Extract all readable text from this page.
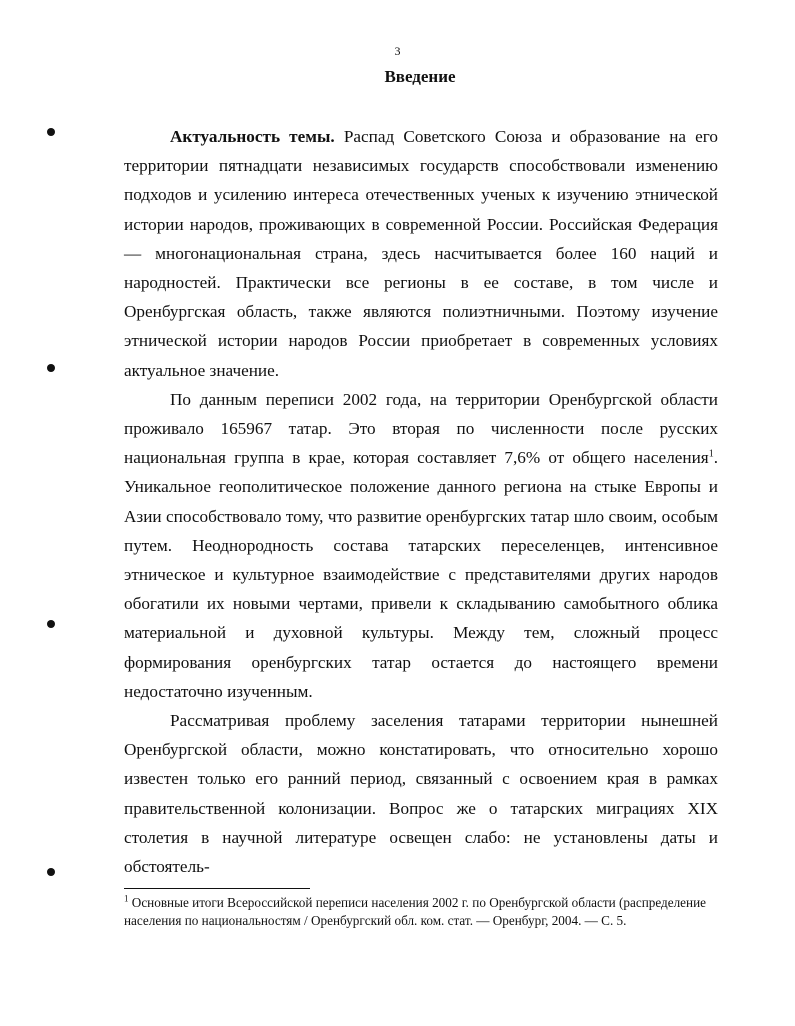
3
Введение

Актуальность темы. Распад Советского Союза и образование на его территории пятнадцати независимых государств способствовали изменению подходов и усилению интереса отечественных ученых к изучению этнической истории народов, проживающих в современной России. Российская Федерация — многонациональная страна, здесь насчитывается более 160 наций и народностей. Практически все регионы в ее составе, в том числе и Оренбургская область, также являются полиэтничными. Поэтому изучение этнической истории народов России приобретает в современных условиях актуальное значение.

По данным переписи 2002 года, на территории Оренбургской области проживало 165967 татар. Это вторая по численности после русских национальная группа в крае, которая составляет 7,6% от общего населения$^1$. Уникальное геополитическое положение данного региона на стыке Европы и Азии способствовало тому, что развитие оренбургских татар шло своим, особым путем. Неоднородность состава татарских переселенцев, интенсивное этническое и культурное взаимодействие с представителями других народов обогатили их новыми чертами, привели к складыванию самобытного облика материальной и духовной культуры. Между тем, сложный процесс формирования оренбургских татар остается до настоящего времени недостаточно изученным.

Рассматривая проблему заселения татарами территории нынешней Оренбургской области, можно констатировать, что относительно хорошо известен только его ранний период, связанный с освоением края в рамках правительственной колонизации. Вопрос же о татарских миграциях XIX столетия в научной литературе освещен слабо: не установлены даты и обстоятель-

$^1$ Основные итоги Всероссийской переписи населения 2002 г. по Оренбургской области (распределение населения по национальностям / Оренбургский обл. ком. стат. — Оренбург, 2004. — С. 5.
